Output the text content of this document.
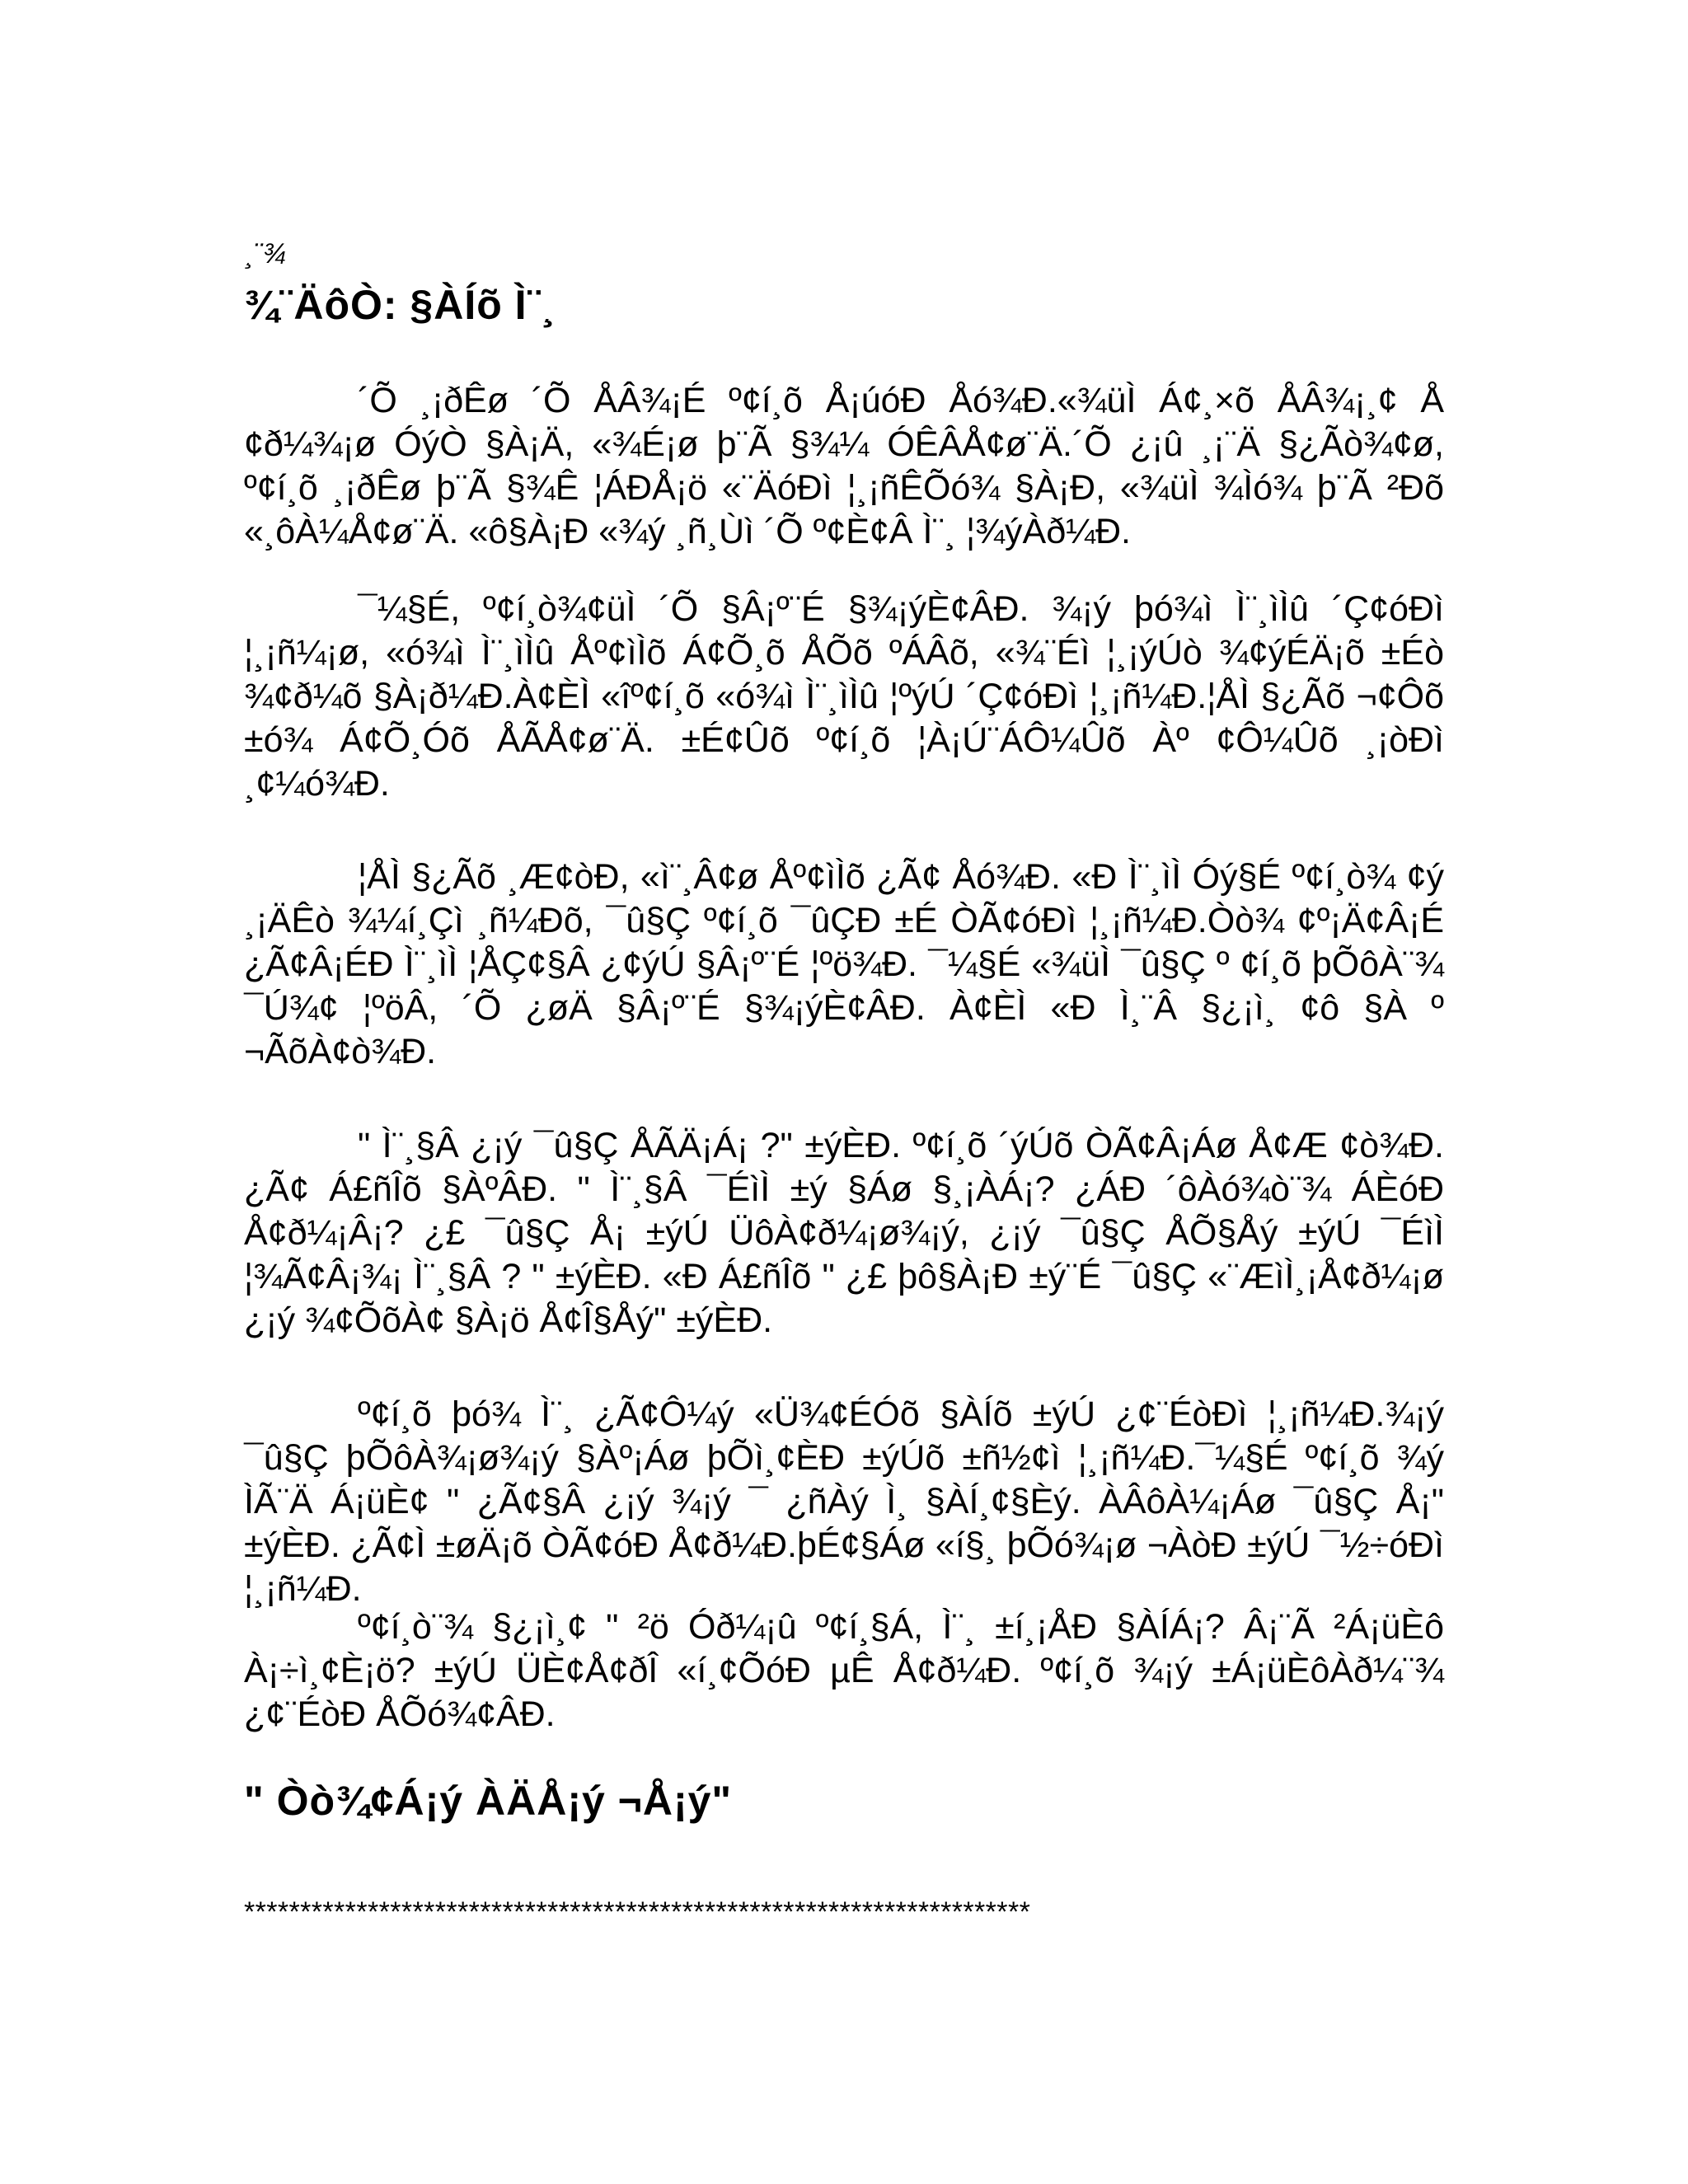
¸¨¾
¾¨ÄôÒ: §ÀÍõ Ì¨¸

´Õ ¸¡ðÊø ´Õ ÅÂ¾¡É º¢í¸õ Å¡úóÐ Åó¾Ð.«¾üÌ Á¢¸×õ ÅÂ¾¡¸¢ Å ¢ð¼¾¡ø ÓýÒ §À¡Ä, «¾É¡ø þ¨Ã §¾¼ ÓÊÂÅ¢ø¨Ä.´Õ ¿¡û ¸¡¨Ä §¿Ãò¾¢ø, º¢í¸õ ¸¡ðÊø þ¨Ã §¾Ê ¦ÁÐÅ¡ö «¨ÄóÐì ¦¸¡ñÊÕó¾ §À¡Ð, «¾üÌ ¾Ìó¾ þ¨Ã ²Ðõ «¸ôÀ¼Å¢ø¨Ä. «ô§À¡Ð «¾ý ¸ñ¸Ùì ´Õ º¢È¢Â Ì¨¸ ¦¾ýÀð¼Ð.

¯¼§É, º¢í¸ò¾¢üÌ ´Õ §Â¡º¨É §¾¡ýÈ¢ÂÐ. ¾¡ý þó¾ì Ì¨¸ìÌû ´Ç¢óÐì ¦¸¡ñ¼¡ø, «ó¾ì Ì¨¸ìÌû Åº¢ìÌõ Á¢Õ¸õ ÅÕõ ºÁÂõ, «¾¨Éì ¦¸¡ýÚò ¾¢ýÉÄ¡õ ±Éò ¾¢ð¼õ §À¡ð¼Ð.À¢ÈÌ «îº¢í¸õ «ó¾ì Ì¨¸ìÌû ¦ºýÚ ´Ç¢óÐì ¦¸¡ñ¼Ð.¦ÅÌ §¿Ãõ ¬¢Ôõ ±ó¾ Á¢Õ¸Óõ ÅÃÅ¢ø¨Ä. ±É¢Ûõ º¢í¸õ ¦À¡Ú¨ÁÔ¼Ûõ Àº ¢Ô¼Ûõ ¸¡òÐì ¸¢¼ó¾Ð.

¦ÅÌ §¿Ãõ ¸Æ¢òÐ, «ì¨¸Â¢ø Åº¢ìÌõ ¿Ã¢ Åó¾Ð. «Ð Ì¨¸ìÌ Óý§É º¢í¸ò¾ ¢ý ¸¡ÄÊò ¾¼í¸Çì ¸ñ¼Ðõ, ¯û§Ç º¢í¸õ ¯ûÇÐ ±É ÒÃ¢óÐì ¦¸¡ñ¼Ð.Òò¾ ¢º¡Ä¢Â¡É ¿Ã¢Â¡ÉÐ Ì¨¸ìÌ ¦ÅÇ¢§Â ¿¢ýÚ §Â¡º¨É ¦ºö¾Ð. ¯¼§É «¾üÌ ¯û§Ç º ¢í¸õ þÕôÀ¨¾ ¯Ú¾¢ ¦ºöÂ, ´Õ ¿øÄ §Â¡º¨É §¾¡ýÈ¢ÂÐ. À¢ÈÌ «Ð Ì¸¨Â §¿¡ì¸ ¢ô §À º ¬ÃõÀ¢ò¾Ð.

" Ì¨¸§Â ¿¡ý ¯û§Ç ÅÃÄ¡Á¡ ?" ±ýÈÐ. º¢í¸õ ´ýÚõ ÒÃ¢Â¡Áø Å¢Æ ¢ò¾Ð.¿Ã¢ Á£ñÎõ §ÀºÂÐ. " Ì¨¸§Â ¯ÉìÌ ±ý §Áø §¸¡ÀÁ¡? ¿ÁÐ ´ôÀó¾ò¨¾ ÁÈóÐ Å¢ð¼¡Â¡? ¿£ ¯û§Ç Å¡ ±ýÚ ÜôÀ¢ð¼¡ø¾¡ý, ¿¡ý ¯û§Ç ÅÕ§Åý ±ýÚ ¯ÉìÌ ¦¾Ã¢Â¡¾¡ Ì¨¸§Â ? " ±ýÈÐ. «Ð Á£ñÎõ " ¿£ þô§À¡Ð ±ý¨É ¯û§Ç «¨ÆìÌ¸¡Å¢ð¼¡ø ¿¡ý ¾¢ÕõÀ¢ §À¡ö Å¢Î§Åý" ±ýÈÐ.

º¢í¸õ þó¾ Ì¨¸ ¿Ã¢Ô¼ý «Ü¾¢ÉÓõ §ÀÍõ ±ýÚ ¿¢¨ÉòÐì ¦¸¡ñ¼Ð.¾¡ý ¯û§Ç þÕôÀ¾¡ø¾¡ý §Àº¡Áø þÕì¸¢ÈÐ ±ýÚõ ±ñ½¢ì ¦¸¡ñ¼Ð.¯¼§É º¢í¸õ ¾ý ÌÃ¨Ä Á¡üÈ¢ " ¿Ã¢§Â ¿¡ý ¾¡ý ¯ ¿ñÀý Ì¸ §ÀÍ¸¢§Èý. ÀÂôÀ¼¡Áø ¯û§Ç Å¡" ±ýÈÐ. ¿Ã¢Ì ±øÄ¡õ ÒÃ¢óÐ Å¢ð¼Ð.þÉ¢§Áø «í§¸ þÕó¾¡ø ¬ÀòÐ ±ýÚ ¯½÷óÐì ¦¸¡ñ¼Ð.

º¢í¸ò¨¾ §¿¡ì¸¢ " ²ö Óð¼¡û º¢í¸§Á, Ì¨¸ ±í¸¡ÅÐ §ÀÍÁ¡? Â¡¨Ã ²Á¡üÈô À¡÷ì¸¢È¡ö? ±ýÚ ÜÈ¢Å¢ðÎ «í¸¢ÕóÐ µÊ Å¢ð¼Ð. º¢í¸õ ¾¡ý ±Á¡üÈôÀð¼¨¾ ¿¢¨ÉòÐ ÅÕó¾¢ÂÐ.

" Òò¾¢Á¡ý ÀÄÅ¡ý ¬Å¡ý"
**********************************************************************
